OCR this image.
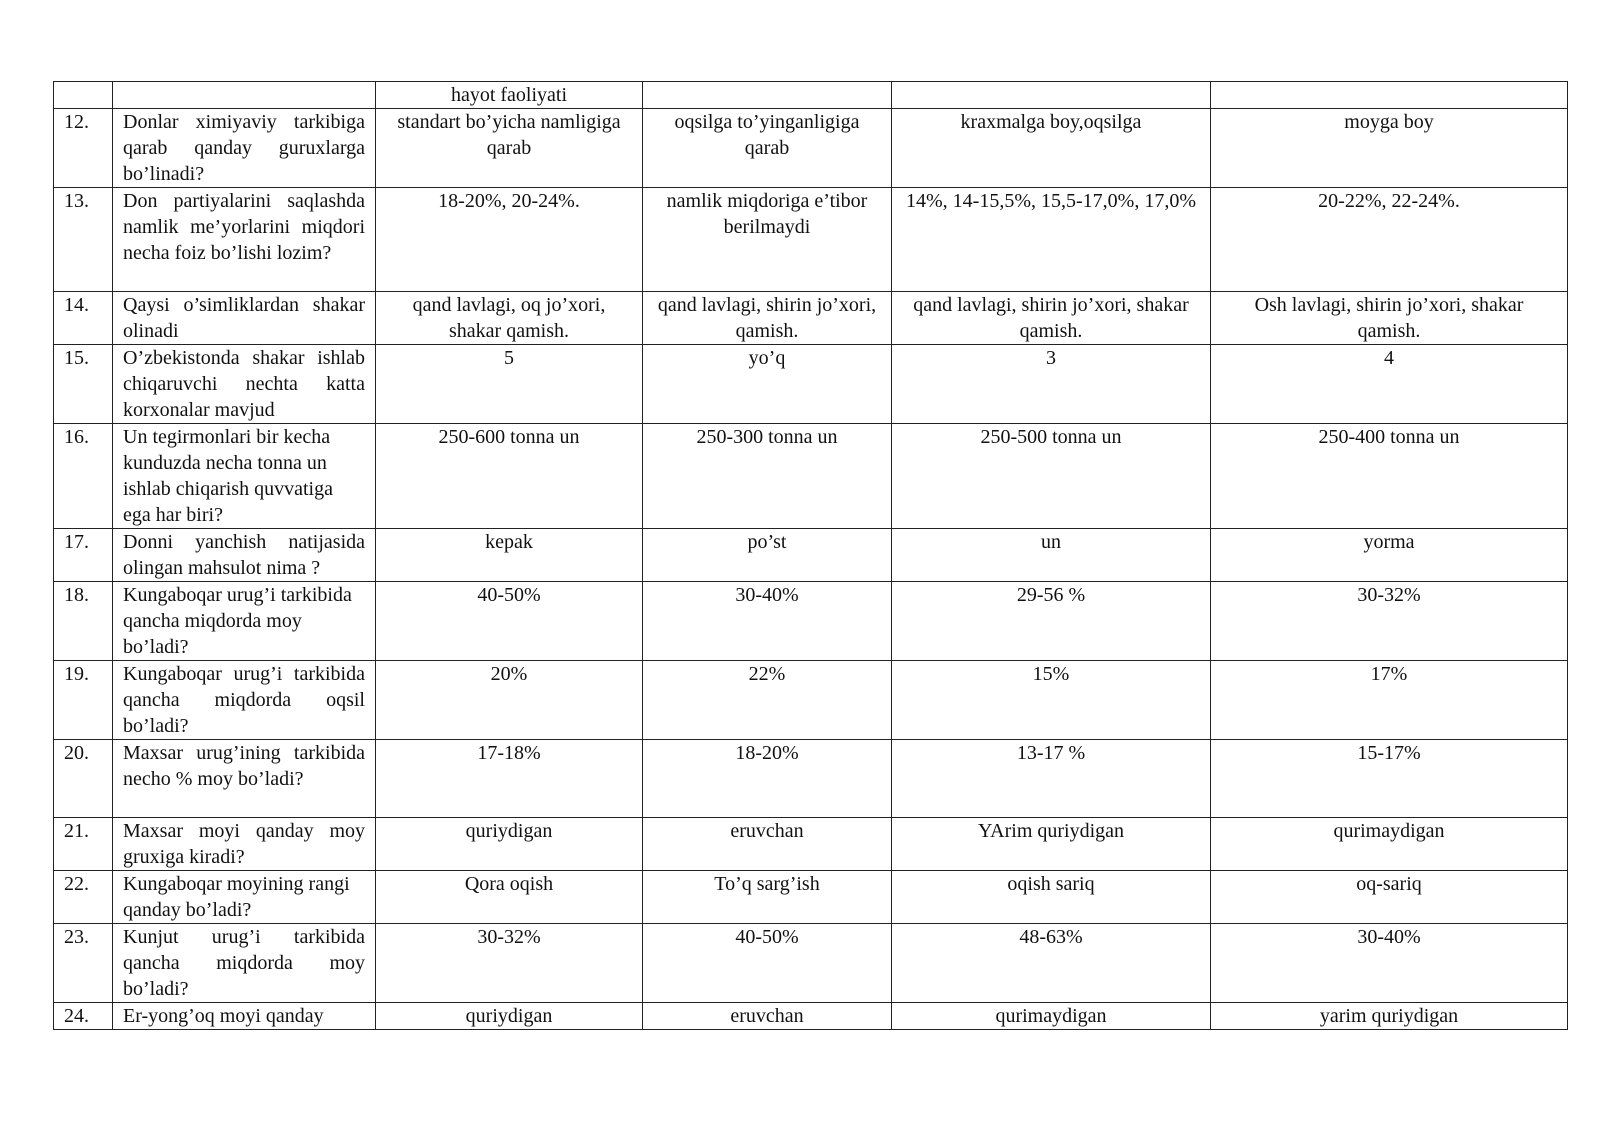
		hayot faoliyati			
12.	Donlar ximiyaviy tarkibiga qarab qanday guruxlarga bo’linadi?	standart bo’yicha namligiga qarab	oqsilga to’yinganligiga qarab	kraxmalga boy,oqsilga	moyga boy
13.	Don partiyalarini saqlashda namlik me’yorlarini miqdori necha foiz bo’lishi lozim?	18-20%, 20-24%.	namlik miqdoriga e’tibor berilmaydi	14%, 14-15,5%, 15,5-17,0%, 17,0%	20-22%, 22-24%.
14.	Qaysi o’simliklardan shakar olinadi	qand lavlagi, oq jo’xori, shakar qamish.	qand lavlagi, shirin jo’xori, qamish.	qand lavlagi, shirin jo’xori, shakar qamish.	Osh lavlagi, shirin jo’xori, shakar qamish.
15.	O’zbekistonda shakar ishlab chiqaruvchi nechta katta korxonalar mavjud	5	yo’q	3	4
16.	Un tegirmonlari bir kecha kunduzda necha tonna un ishlab chiqarish quvvatiga ega har biri?	250-600 tonna un	250-300 tonna un	250-500 tonna un	250-400 tonna un
17.	Donni yanchish natijasida olingan mahsulot nima ?	kepak	po’st	un	yorma
18.	Kungaboqar urug’i tarkibida qancha miqdorda moy bo’ladi?	40-50%	30-40%	29-56 %	30-32%
19.	Kungaboqar urug’i tarkibida qancha miqdorda oqsil bo’ladi?	20%	22%	15%	17%
20.	Maxsar urug’ining tarkibida necho % moy bo’ladi?	17-18%	18-20%	13-17 %	15-17%
21.	Maxsar moyi qanday moy gruxiga kiradi?	quriydigan	eruvchan	YArim quriydigan	qurimaydigan
22.	Kungaboqar moyining rangi qanday bo’ladi?	Qora oqish	To’q sarg’ish	oqish sariq	oq-sariq
23.	Kunjut urug’i tarkibida qancha miqdorda moy bo’ladi?	30-32%	40-50%	48-63%	30-40%
24.	Er-yong’oq moyi qanday	quriydigan	eruvchan	qurimaydigan	yarim quriydigan
